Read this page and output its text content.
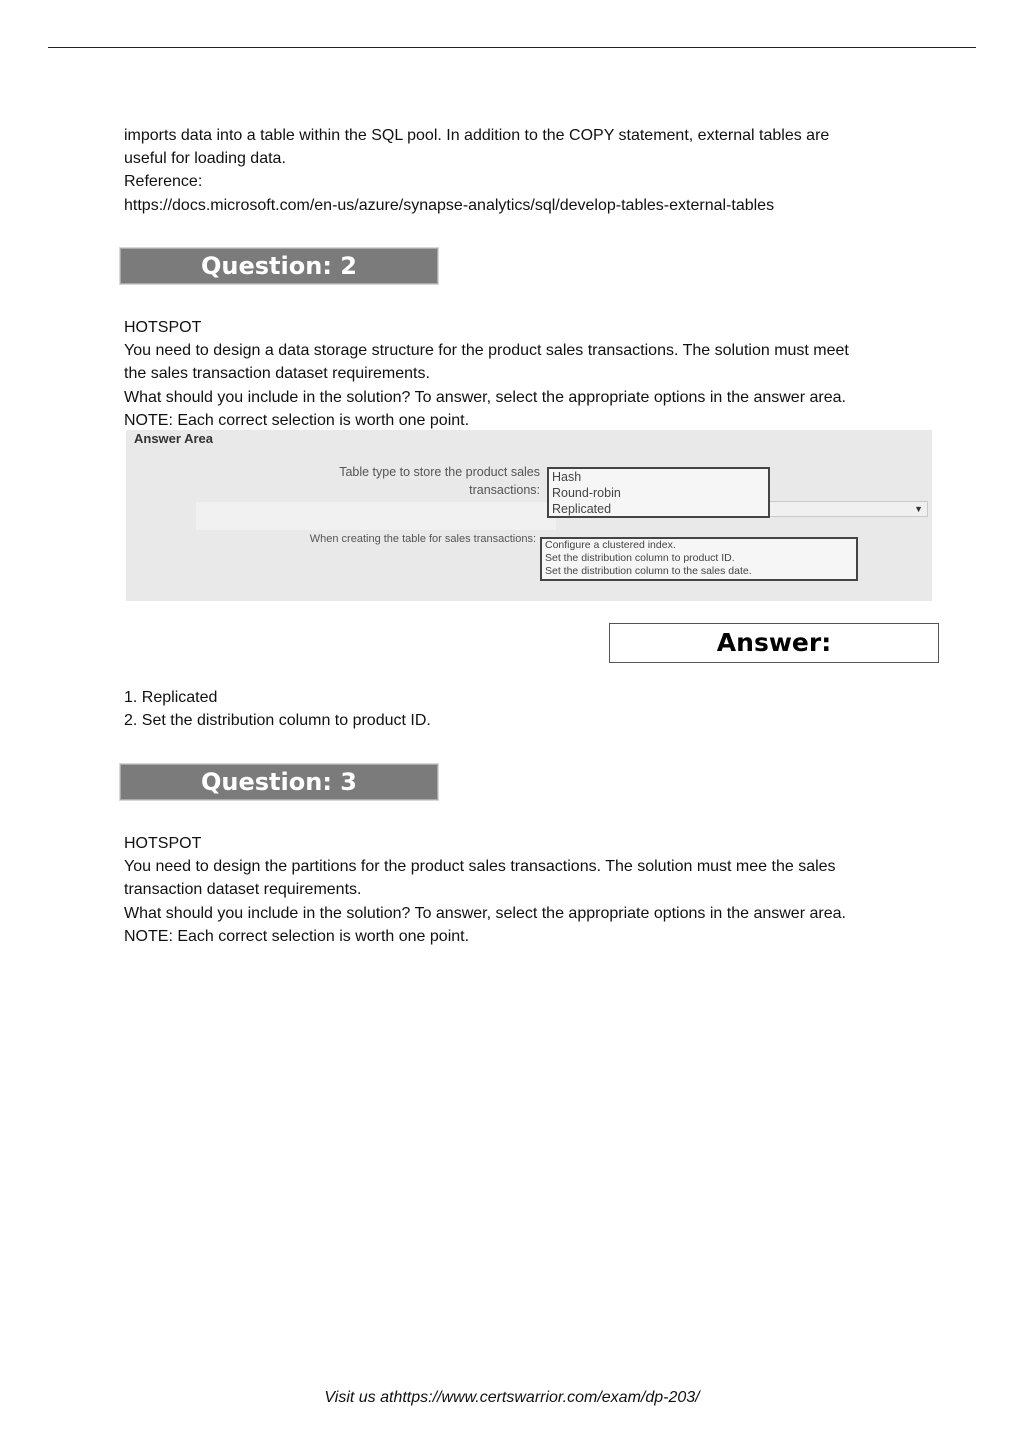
imports data into a table within the SQL pool. In addition to the COPY statement, external tables are
useful for loading data.
Reference:
https://docs.microsoft.com/en-us/azure/synapse-analytics/sql/develop-tables-external-tables
Question: 2
HOTSPOT
You need to design a data storage structure for the product sales transactions. The solution must meet
the sales transaction dataset requirements.
What should you include in the solution? To answer, select the appropriate options in the answer area.
NOTE: Each correct selection is worth one point.
Answer Area
Table type to store the product sales
transactions:
▼
Hash
Round-robin
Replicated
When creating the table for sales transactions: Configure a clustered index.
Set the distribution column to product ID.
Set the distribution column to the sales date.
Answer:
1. Replicated
2. Set the distribution column to product ID.
Question: 3
HOTSPOT
You need to design the partitions for the product sales transactions. The solution must mee the sales
transaction dataset requirements.
What should you include in the solution? To answer, select the appropriate options in the answer area.
NOTE: Each correct selection is worth one point.
Visit us athttps://www.certswarrior.com/exam/dp-203/
